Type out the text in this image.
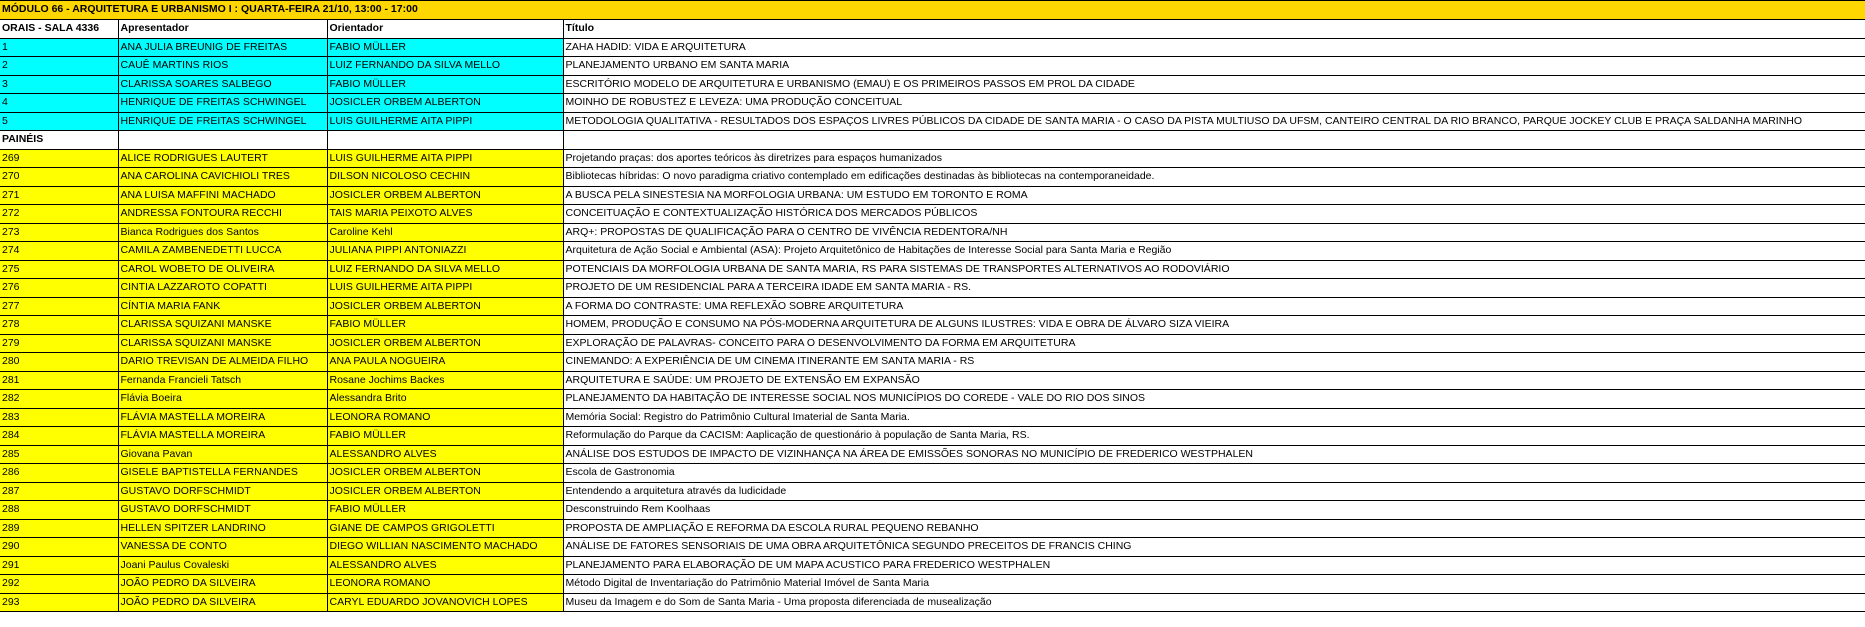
MÓDULO 66 - ARQUITETURA E URBANISMO I : QUARTA-FEIRA 21/10, 13:00 - 17:00			
ORAIS - SALA 4336	Apresentador	Orientador	Título
1	ANA JULIA BREUNIG DE FREITAS	FABIO MÜLLER	ZAHA HADID: VIDA E ARQUITETURA
2	CAUÊ MARTINS RIOS	LUIZ FERNANDO DA SILVA MELLO	PLANEJAMENTO URBANO EM SANTA MARIA
3	CLARISSA SOARES SALBEGO	FABIO MÜLLER	ESCRITÓRIO MODELO DE ARQUITETURA E URBANISMO (EMAU) E OS PRIMEIROS PASSOS EM PROL DA CIDADE
4	HENRIQUE DE FREITAS SCHWINGEL	JOSICLER ORBEM ALBERTON	MOINHO DE ROBUSTEZ E LEVEZA: UMA PRODUÇÃO CONCEITUAL
5	HENRIQUE DE FREITAS SCHWINGEL	LUIS GUILHERME AITA PIPPI	METODOLOGIA QUALITATIVA - RESULTADOS DOS ESPAÇOS LIVRES PÚBLICOS DA CIDADE DE SANTA MARIA - O CASO DA PISTA MULTIUSO DA UFSM, CANTEIRO CENTRAL DA RIO BRANCO, PARQUE JOCKEY CLUB E PRAÇA SALDANHA MARINHO
PAINÉIS			
269	ALICE RODRIGUES LAUTERT	LUIS GUILHERME AITA PIPPI	Projetando praças: dos aportes teóricos às diretrizes para espaços humanizados
270	ANA CAROLINA CAVICHIOLI TRES	DILSON NICOLOSO CECHIN	Bibliotecas híbridas: O novo paradigma criativo contemplado em edificações destinadas às bibliotecas na contemporaneidade.
271	ANA LUISA MAFFINI MACHADO	JOSICLER ORBEM ALBERTON	A BUSCA PELA SINESTESIA NA MORFOLOGIA URBANA: UM ESTUDO EM TORONTO E ROMA
272	ANDRESSA FONTOURA RECCHI	TAIS MARIA PEIXOTO ALVES	CONCEITUAÇÃO E CONTEXTUALIZAÇÃO HISTÓRICA DOS MERCADOS PÚBLICOS
273	Bianca Rodrigues dos Santos	Caroline Kehl	ARQ+: PROPOSTAS DE QUALIFICAÇÃO PARA O CENTRO DE VIVÊNCIA REDENTORA/NH
274	CAMILA ZAMBENEDETTI LUCCA	JULIANA PIPPI ANTONIAZZI	Arquitetura de Ação Social e Ambiental (ASA): Projeto Arquitetônico de Habitações de Interesse Social para Santa Maria e Região
275	CAROL WOBETO DE OLIVEIRA	LUIZ FERNANDO DA SILVA MELLO	POTENCIAIS DA MORFOLOGIA URBANA DE SANTA MARIA, RS PARA SISTEMAS DE TRANSPORTES ALTERNATIVOS AO RODOVIÁRIO
276	CINTIA LAZZAROTO COPATTI	LUIS GUILHERME AITA PIPPI	PROJETO DE UM RESIDENCIAL PARA A TERCEIRA IDADE EM SANTA MARIA - RS.
277	CÍNTIA MARIA FANK	JOSICLER ORBEM ALBERTON	A FORMA DO CONTRASTE: UMA REFLEXÃO SOBRE ARQUITETURA
278	CLARISSA SQUIZANI MANSKE	FABIO MÜLLER	HOMEM, PRODUÇÃO E CONSUMO NA PÓS-MODERNA ARQUITETURA DE ALGUNS ILUSTRES: VIDA E OBRA DE ÁLVARO SIZA VIEIRA
279	CLARISSA SQUIZANI MANSKE	JOSICLER ORBEM ALBERTON	EXPLORAÇÃO DE PALAVRAS- CONCEITO PARA O DESENVOLVIMENTO DA FORMA EM ARQUITETURA
280	DARIO TREVISAN DE ALMEIDA FILHO	ANA PAULA NOGUEIRA	CINEMANDO: A EXPERIÊNCIA DE UM CINEMA ITINERANTE EM SANTA MARIA - RS
281	Fernanda Francieli Tatsch	Rosane Jochims Backes	ARQUITETURA E SAÚDE: UM PROJETO DE EXTENSÃO EM EXPANSÃO
282	Flávia Boeira	Alessandra Brito	PLANEJAMENTO DA HABITAÇÃO DE INTERESSE SOCIAL NOS MUNICÍPIOS DO COREDE - VALE DO RIO DOS SINOS
283	FLÁVIA MASTELLA MOREIRA	LEONORA ROMANO	Memória Social: Registro do Patrimônio Cultural Imaterial de Santa Maria.
284	FLÁVIA MASTELLA MOREIRA	FABIO MÜLLER	Reformulação do Parque da CACISM: Aaplicação de questionário à população de Santa Maria, RS.
285	Giovana Pavan	ALESSANDRO ALVES	ANÁLISE DOS ESTUDOS DE IMPACTO DE VIZINHANÇA NA ÁREA DE EMISSÕES SONORAS NO MUNICÍPIO DE FREDERICO WESTPHALEN
286	GISELE BAPTISTELLA FERNANDES	JOSICLER ORBEM ALBERTON	Escola de Gastronomia
287	GUSTAVO DORFSCHMIDT	JOSICLER ORBEM ALBERTON	Entendendo a arquitetura através da ludicidade
288	GUSTAVO DORFSCHMIDT	FABIO MÜLLER	Desconstruindo Rem Koolhaas
289	HELLEN SPITZER LANDRINO	GIANE DE CAMPOS GRIGOLETTI	PROPOSTA DE AMPLIAÇÃO E REFORMA DA ESCOLA RURAL PEQUENO REBANHO
290	VANESSA DE CONTO	DIEGO WILLIAN NASCIMENTO MACHADO	ANÁLISE DE FATORES SENSORIAIS DE UMA OBRA ARQUITETÔNICA SEGUNDO PRECEITOS DE FRANCIS CHING
291	Joani Paulus Covaleski	ALESSANDRO ALVES	PLANEJAMENTO PARA ELABORAÇÃO DE UM MAPA ACUSTICO PARA FREDERICO WESTPHALEN
292	JOÃO PEDRO DA SILVEIRA	LEONORA ROMANO	Método Digital de Inventariação do Patrimônio Material Imóvel de Santa Maria
293	JOÃO PEDRO DA SILVEIRA	CARYL EDUARDO JOVANOVICH LOPES	Museu da Imagem e do Som de Santa Maria - Uma proposta diferenciada de musealização
